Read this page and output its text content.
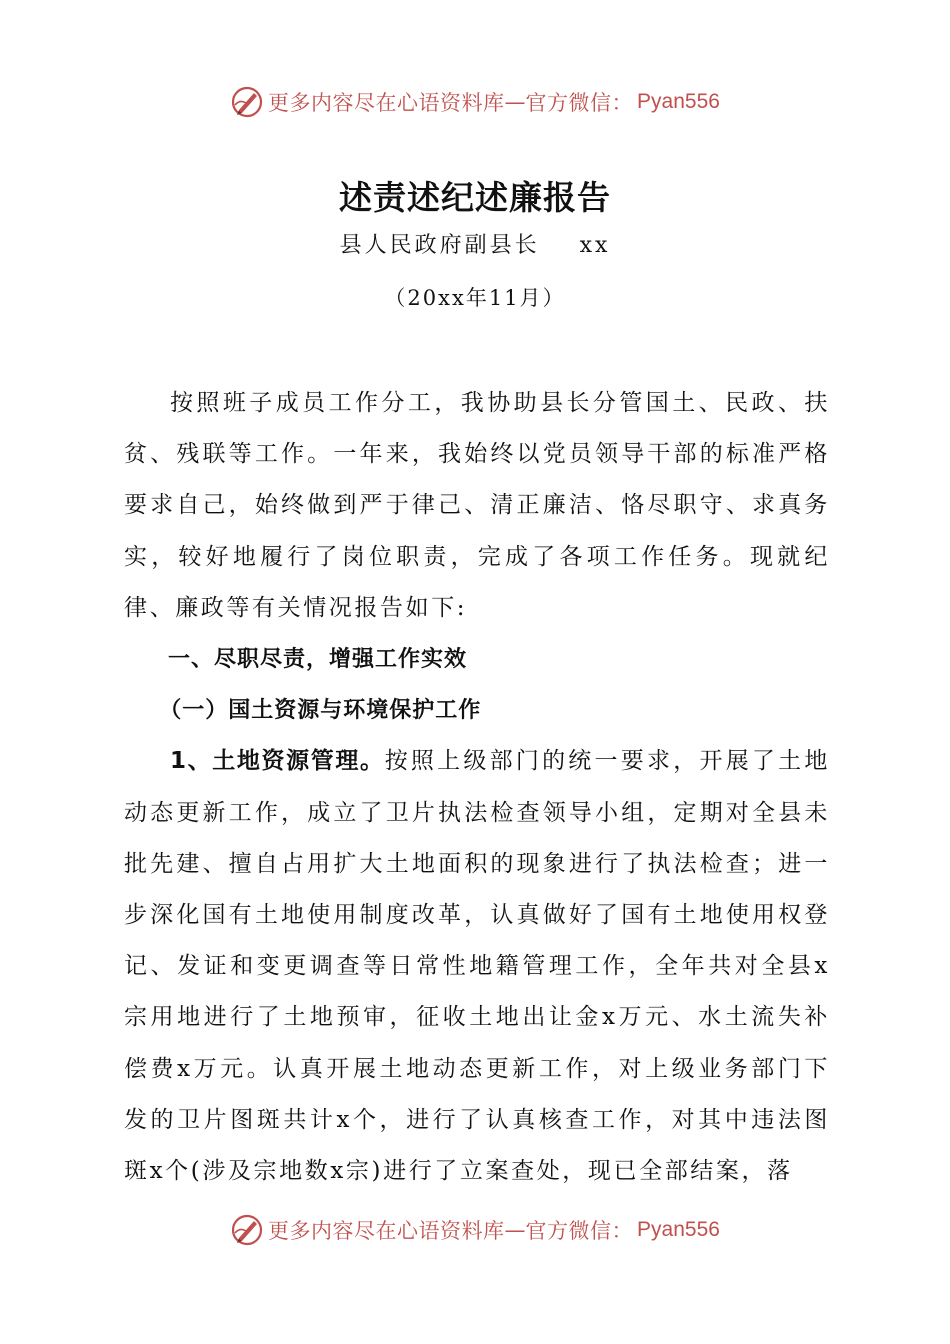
更多内容尽在心语资料库 — 官方微信： Pyan556
述责述纪述廉报告
县人民政府副县长 xx
（20xx年11月）

按照班子成员工作分工，我协助县长分管国土、民政、扶贫、残联等工作。一年来，我始终以党员领导干部的标准严格要求自己，始终做到严于律己、清正廉洁、恪尽职守、求真务实，较好地履行了岗位职责，完成了各项工作任务。现就纪律、廉政等有关情况报告如下:

一、尽职尽责，增强工作实效

（一）国土资源与环境保护工作

1、土地资源管理。按照上级部门的统一要求，开展了土地动态更新工作，成立了卫片执法检查领导小组，定期对全县未批先建、擅自占用扩大土地面积的现象进行了执法检查；进一步深化国有土地使用制度改革，认真做好了国有土地使用权登记、发证和变更调查等日常性地籍管理工作，全年共对全县x宗用地进行了土地预审，征收土地出让金x万元、水土流失补偿费x万元。认真开展土地动态更新工作，对上级业务部门下发的卫片图斑共计x个，进行了认真核查工作，对其中违法图斑x个(涉及宗地数x宗)进行了立案查处，现已全部结案，落

更多内容尽在心语资料库 — 官方微信： Pyan556
